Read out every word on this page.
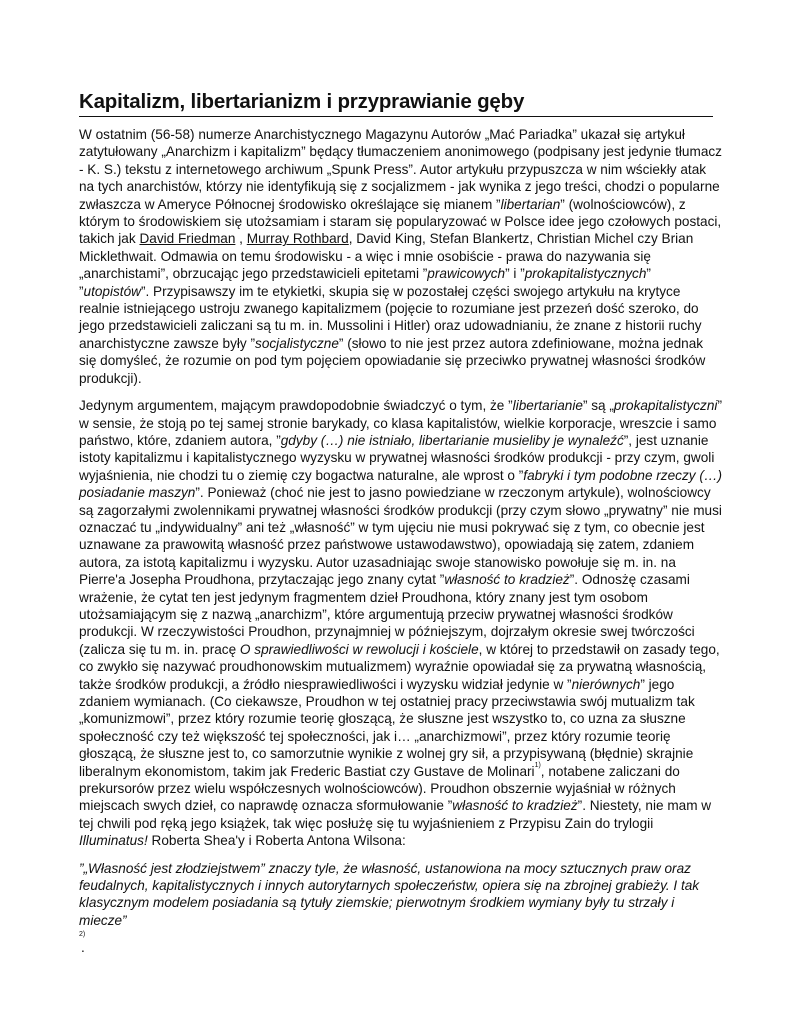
Kapitalizm, libertarianizm i przyprawianie gęby

W ostatnim (56-58) numerze Anarchistycznego Magazynu Autorów „Mać Pariadka” ukazał się artykuł zatytułowany „Anarchizm i kapitalizm” będący tłumaczeniem anonimowego (podpisany jest jedynie tłumacz - K. S.) tekstu z internetowego archiwum „Spunk Press”. Autor artykułu przypuszcza w nim wściekły atak na tych anarchistów, którzy nie identyfikują się z socjalizmem - jak wynika z jego treści, chodzi o popularne zwłaszcza w Ameryce Północnej środowisko określające się mianem ”libertarian” (wolnościowców), z którym to środowiskiem się utożsamiam i staram się popularyzować w Polsce idee jego czołowych postaci, takich jak David Friedman , Murray Rothbard, David King, Stefan Blankertz, Christian Michel czy Brian Micklethwait. Odmawia on temu środowisku - a więc i mnie osobiście - prawa do nazywania się „anarchistami”, obrzucając jego przedstawicieli epitetami ”prawicowych” i ”prokapitalistycznych” ”utopistów”. Przypisawszy im te etykietki, skupia się w pozostałej części swojego artykułu na krytyce realnie istniejącego ustroju zwanego kapitalizmem (pojęcie to rozumiane jest przezeń dość szeroko, do jego przedstawicieli zaliczani są tu m. in. Mussolini i Hitler) oraz udowadnianiu, że znane z historii ruchy anarchistyczne zawsze były ”socjalistyczne” (słowo to nie jest przez autora zdefiniowane, można jednak się domyśleć, że rozumie on pod tym pojęciem opowiadanie się przeciwko prywatnej własności środków produkcji).

Jedynym argumentem, mającym prawdopodobnie świadczyć o tym, że ”libertarianie” są „prokapitalistyczni” w sensie, że stoją po tej samej stronie barykady, co klasa kapitalistów, wielkie korporacje, wreszcie i samo państwo, które, zdaniem autora, ”gdyby (…) nie istniało, libertarianie musieliby je wynaleźć”, jest uznanie istoty kapitalizmu i kapitalistycznego wyzysku w prywatnej własności środków produkcji - przy czym, gwoli wyjaśnienia, nie chodzi tu o ziemię czy bogactwa naturalne, ale wprost o ”fabryki i tym podobne rzeczy (…) posiadanie maszyn”. Ponieważ (choć nie jest to jasno powiedziane w rzeczonym artykule), wolnościowcy są zagorzałymi zwolennikami prywatnej własności środków produkcji (przy czym słowo „prywatny” nie musi oznaczać tu „indywidualny” ani też „własność” w tym ujęciu nie musi pokrywać się z tym, co obecnie jest uznawane za prawowitą własność przez państwowe ustawodawstwo), opowiadają się zatem, zdaniem autora, za istotą kapitalizmu i wyzysku. Autor uzasadniając swoje stanowisko powołuje się m. in. na Pierre'a Josepha Proudhona, przytaczając jego znany cytat ”własność to kradzież”. Odnosżę czasami wrażenie, że cytat ten jest jedynym fragmentem dzieł Proudhona, który znany jest tym osobom utożsamiającym się z nazwą „anarchizm”, które argumentują przeciw prywatnej własności środków produkcji. W rzeczywistości Proudhon, przynajmniej w późniejszym, dojrzałym okresie swej twórczości (zalicza się tu m. in. pracę O sprawiedliwości w rewolucji i kościele, w której to przedstawił on zasady tego, co zwykło się nazywać proudhonowskim mutualizmem) wyraźnie opowiadał się za prywatną własnością, także środków produkcji, a źródło niesprawiedliwości i wyzysku widział jedynie w ”nierównych” jego zdaniem wymianach. (Co ciekawsze, Proudhon w tej ostatniej pracy przeciwstawia swój mutualizm tak „komunizmowi”, przez który rozumie teorię głoszącą, że słuszne jest wszystko to, co uzna za słuszne społeczność czy też większość tej społeczności, jak i… „anarchizmowi”, przez który rozumie teorię głoszącą, że słuszne jest to, co samorzutnie wynikie z wolnej gry sił, a przypisywaną (błędnie) skrajnie liberalnym ekonomistom, takim jak Frederic Bastiat czy Gustave de Molinari$^{1)}$, notabene zaliczani do prekursorów przez wielu współczesnych wolnościowców). Proudhon obszernie wyjaśniał w różnych miejscach swych dzieł, co naprawdę oznacza sformułowanie ”własność to kradzież”. Niestety, nie mam w tej chwili pod ręką jego książek, tak więc posłużę się tu wyjaśnieniem z Przypisu Zain do trylogii Illuminatus! Roberta Shea'y i Roberta Antona Wilsona:

”„Własność jest złodziejstwem” znaczy tyle, że własność, ustanowiona na mocy sztucznych praw oraz feudalnych, kapitalistycznych i innych autorytarnych społeczeństw, opiera się na zbrojnej grabieży. I tak klasycznym modelem posiadania są tytuły ziemskie; pierwotnym środkiem wymiany były tu strzały i miecze”
2)
.
